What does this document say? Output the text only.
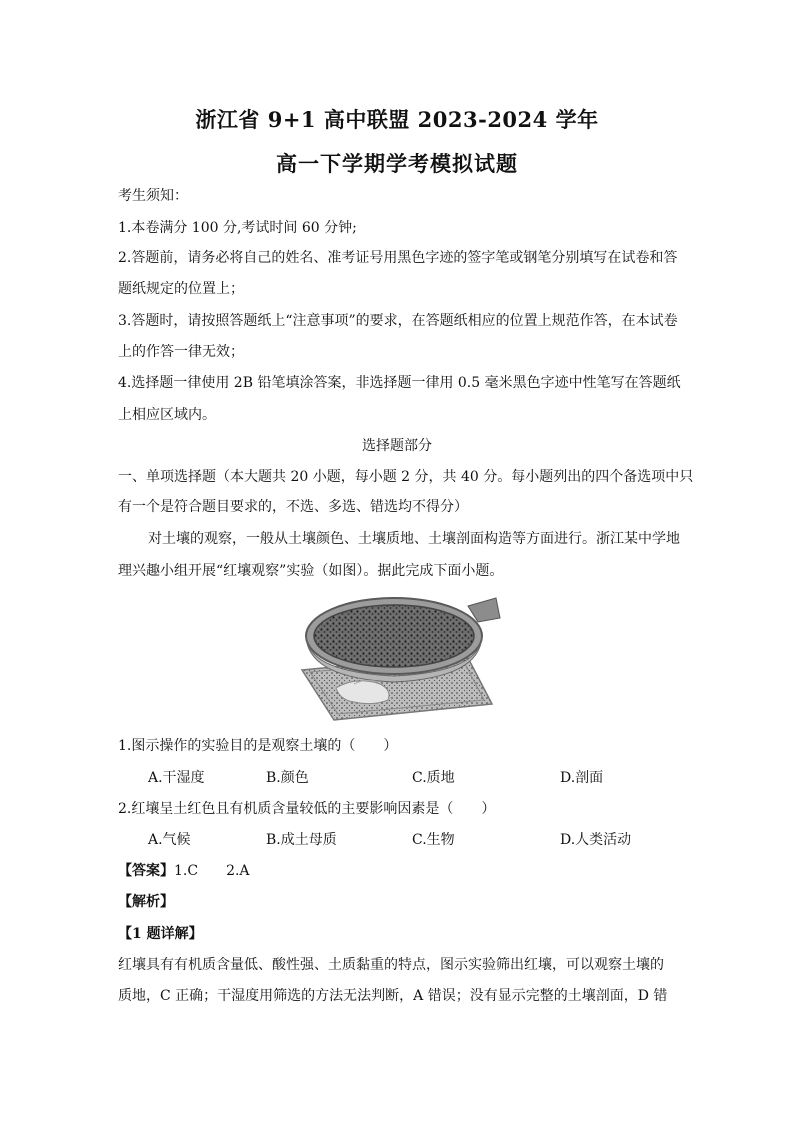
浙江省 9+1 高中联盟 2023-2024 学年
高一下学期学考模拟试题
考生须知：
1.本卷满分 100 分,考试时间 60 分钟;
2.答题前，请务必将自己的姓名、准考证号用黑色字迹的签字笔或钢笔分别填写在试卷和答
题纸规定的位置上；
3.答题时，请按照答题纸上“注意事项”的要求，在答题纸相应的位置上规范作答，在本试卷
上的作答一律无效；
4.选择题一律使用 2B 铅笔填涂答案，非选择题一律用 0.5 毫米黑色字迹中性笔写在答题纸
上相应区域内。
选择题部分
一、单项选择题（本大题共 20 小题，每小题 2 分，共 40 分。每小题列出的四个备选项中只
有一个是符合题目要求的，不选、多选、错选均不得分）
对土壤的观察，一般从土壤颜色、土壤质地、土壤剖面构造等方面进行。浙江某中学地
理兴趣小组开展“红壤观察”实验（如图）。据此完成下面小题。
1.图示操作的实验目的是观察土壤的（　　）
A.干湿度	B.颜色	C.质地	D.剖面
2.红壤呈土红色且有机质含量较低的主要影响因素是（　　）
A.气候	B.成土母质	C.生物	D.人类活动
【答案】1.C　　2.A
【解析】
【1 题详解】
红壤具有有机质含量低、酸性强、土质黏重的特点，图示实验筛出红壤，可以观察土壤的
质地，C 正确；干湿度用筛选的方法无法判断，A 错误；没有显示完整的土壤剖面，D 错
